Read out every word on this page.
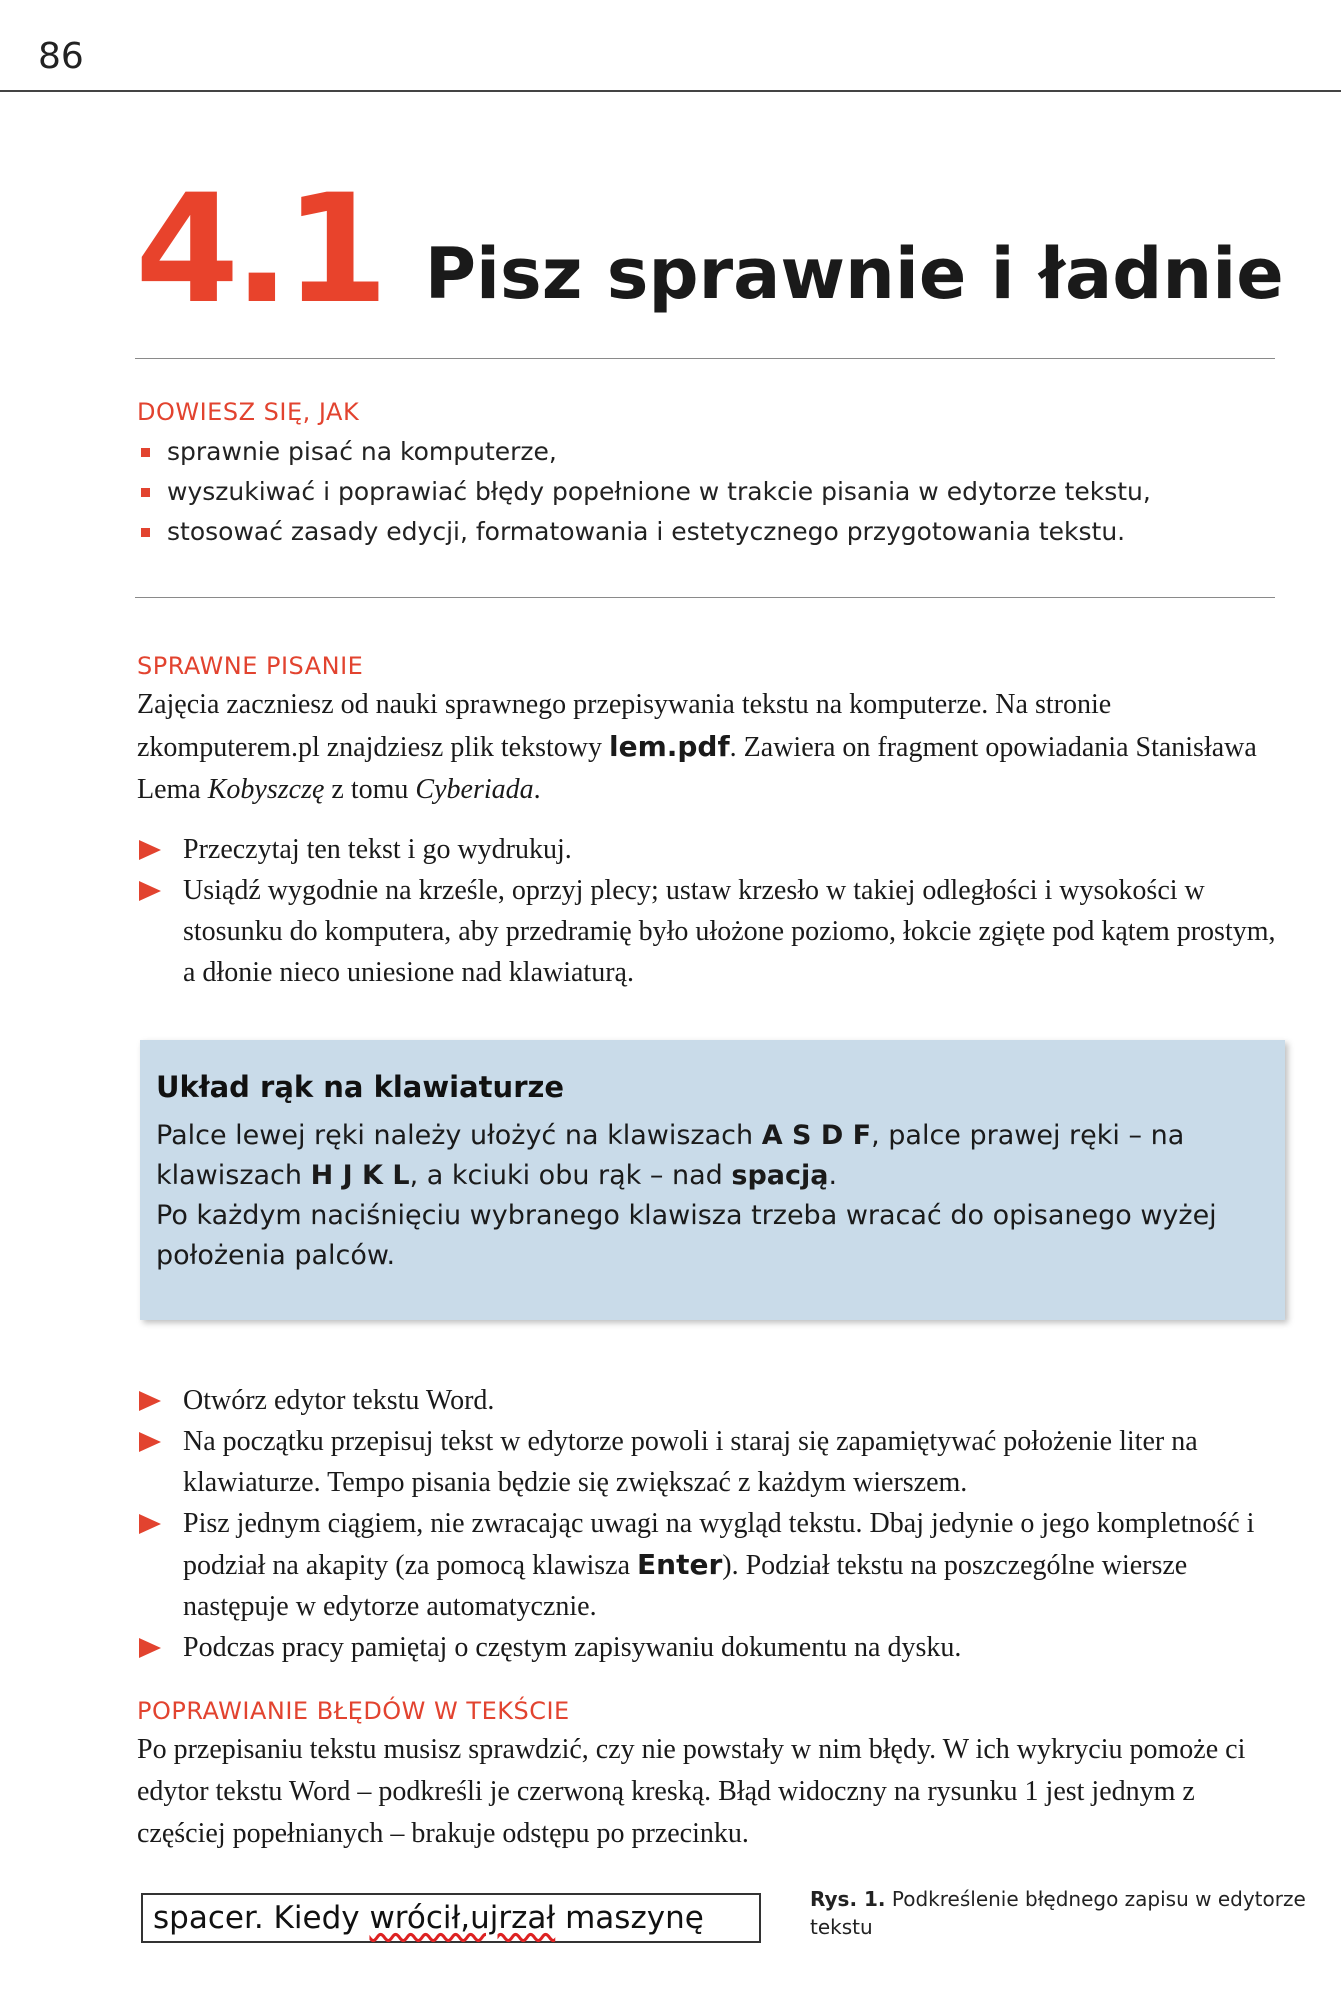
86
4.1 Pisz sprawnie i ładnie
DOWIESZ SIĘ, JAK
sprawnie pisać na komputerze,
wyszukiwać i poprawiać błędy popełnione w trakcie pisania w edytorze tekstu,
stosować zasady edycji, formatowania i estetycznego przygotowania tekstu.
SPRAWNE PISANIE
Zajęcia zaczniesz od nauki sprawnego przepisywania tekstu na komputerze. Na stronie zkomputerem.pl znajdziesz plik tekstowy lem.pdf. Zawiera on fragment opowiadania Stanisława Lema Kobyszczę z tomu Cyberiada.
Przeczytaj ten tekst i go wydrukuj.
Usiądź wygodnie na krześle, oprzyj plecy; ustaw krzesło w takiej odległości i wysokości w stosunku do komputera, aby przedramię było ułożone poziomo, łokcie zgięte pod kątem prostym, a dłonie nieco uniesione nad klawiaturą.
Układ rąk na klawiaturze
Palce lewej ręki należy ułożyć na klawiszach A S D F, palce prawej ręki – na klawiszach H J K L, a kciuki obu rąk – nad spacją.
Po każdym naciśnięciu wybranego klawisza trzeba wracać do opisanego wyżej położenia palców.
Otwórz edytor tekstu Word.
Na początku przepisuj tekst w edytorze powoli i staraj się zapamiętywać położenie liter na klawiaturze. Tempo pisania będzie się zwiększać z każdym wierszem.
Pisz jednym ciągiem, nie zwracając uwagi na wygląd tekstu. Dbaj jedynie o jego kompletność i podział na akapity (za pomocą klawisza Enter). Podział tekstu na poszczególne wiersze następuje w edytorze automatycznie.
Podczas pracy pamiętaj o częstym zapisywaniu dokumentu na dysku.
POPRAWIANIE BŁĘDÓW W TEKŚCIE
Po przepisaniu tekstu musisz sprawdzić, czy nie powstały w nim błędy. W ich wykryciu pomoże ci edytor tekstu Word – podkreśli je czerwoną kreską. Błąd widoczny na rysunku 1 jest jednym z częściej popełnianych – brakuje odstępu po przecinku.
spacer. Kiedy wrócił,ujrzał maszynę
Rys. 1. Podkreślenie błędnego zapisu w edytorze tekstu
